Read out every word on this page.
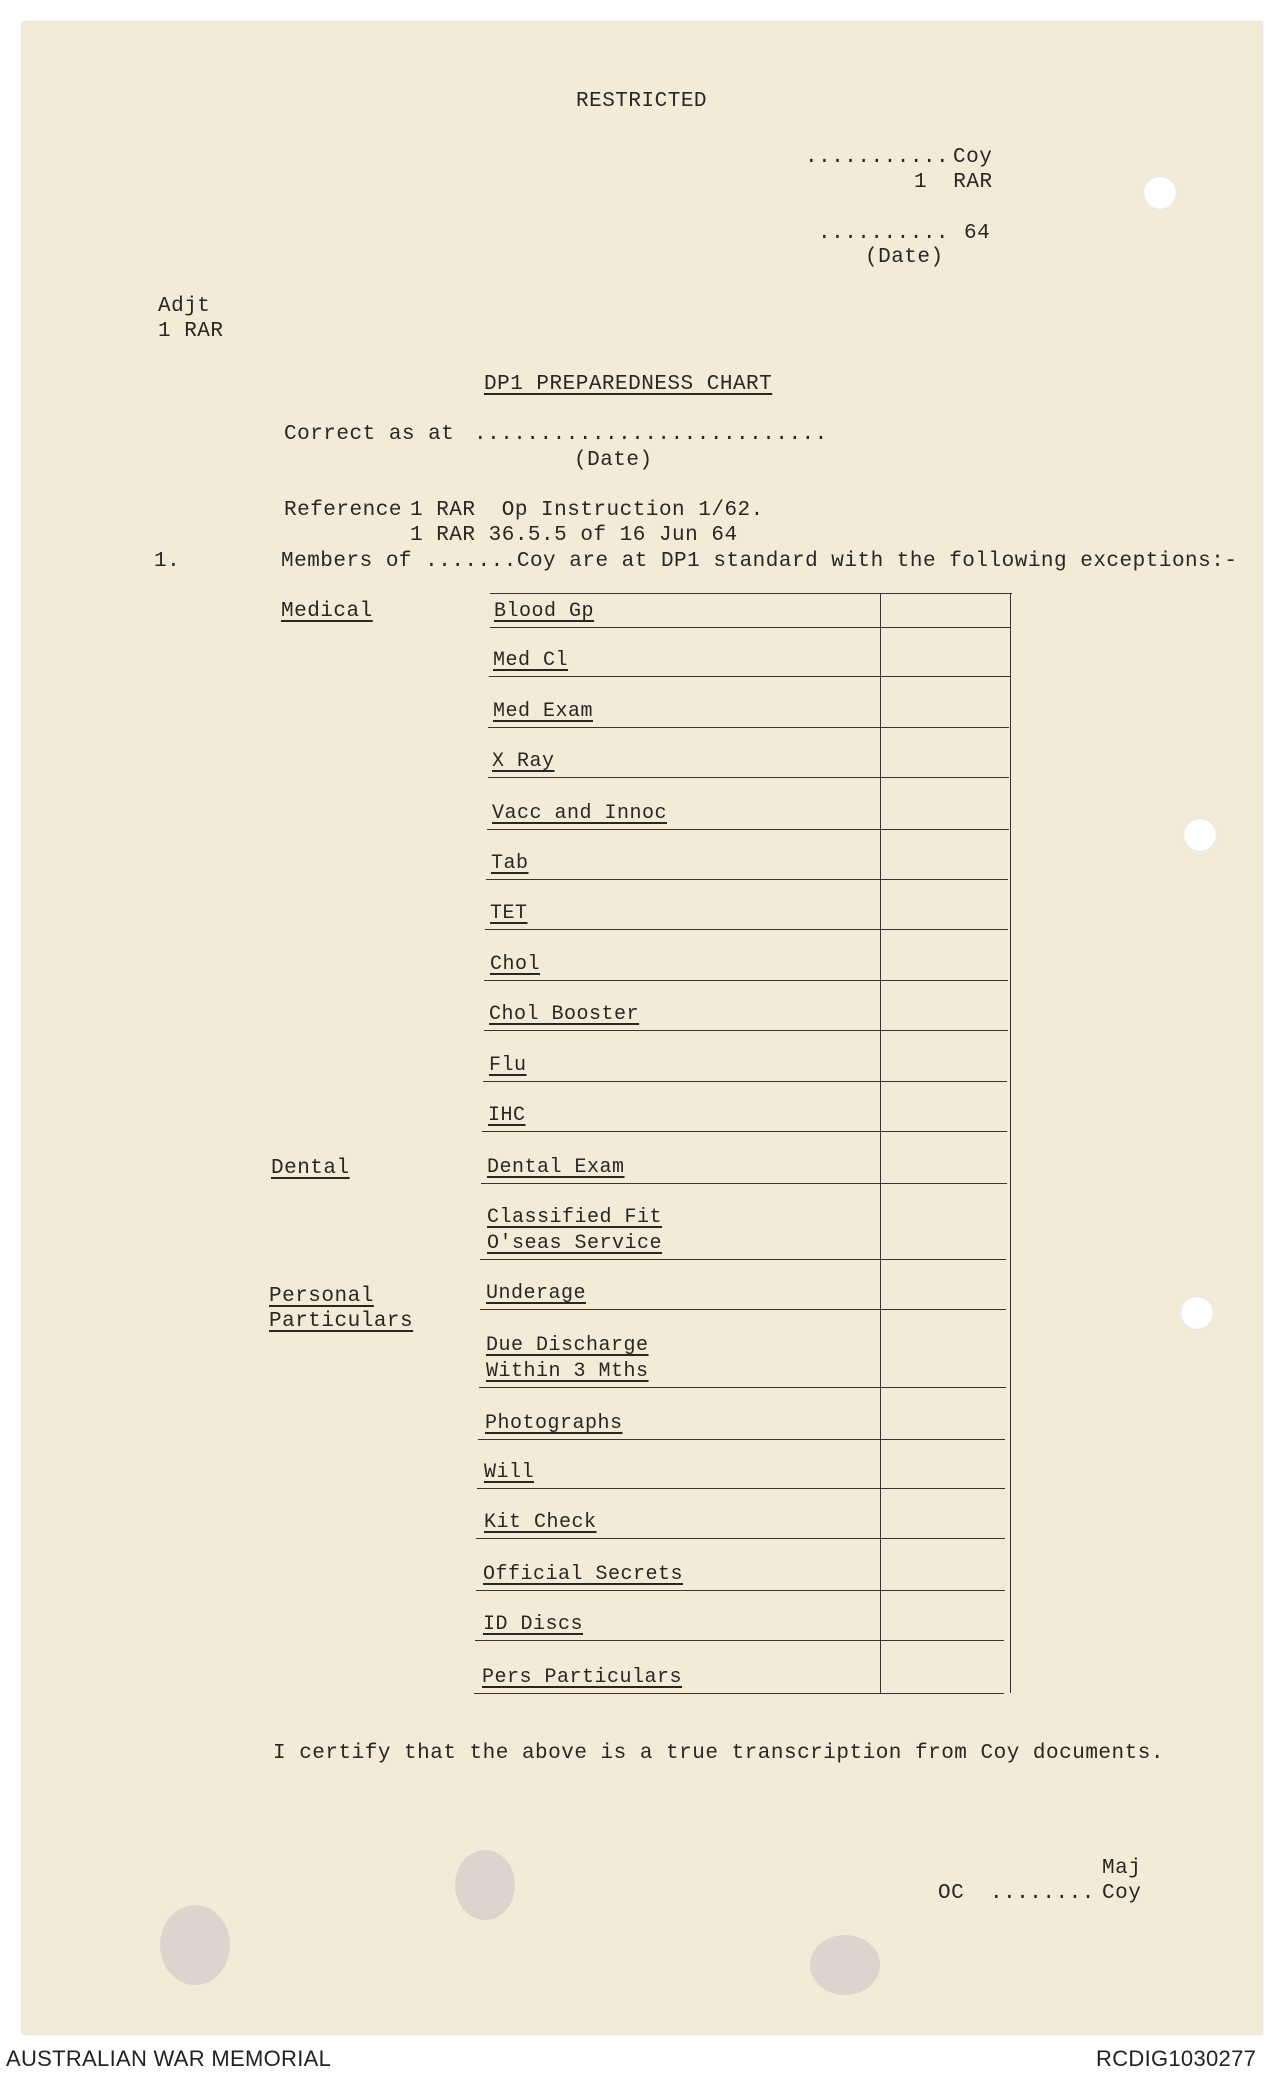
RESTRICTED
........... Coy
1  RAR
.......... 64
(Date)
Adjt
1 RAR
DP1 PREPAREDNESS CHART
Correct as at ...........................
(Date)
Reference 1 RAR  Op Instruction 1/62.
1 RAR 36.5.5 of 16 Jun 64
1.	Members of .......Coy are at DP1 standard with the following exceptions:-
Medical
Dental
Personal
Particulars
Blood Gp
Med Cl
Med Exam
X Ray
Vacc and Innoc
Tab
TET
Chol
Chol Booster
Flu
IHC
Dental Exam
Classified Fit
O'seas Service
Underage
Due Discharge
Within 3 Mths
Photographs
Will
Kit Check
Official Secrets
ID Discs
Pers Particulars
I certify that the above is a true transcription from Coy documents.
Maj
OC ........ Coy
AUSTRALIAN WAR MEMORIAL	RCDIG1030277
